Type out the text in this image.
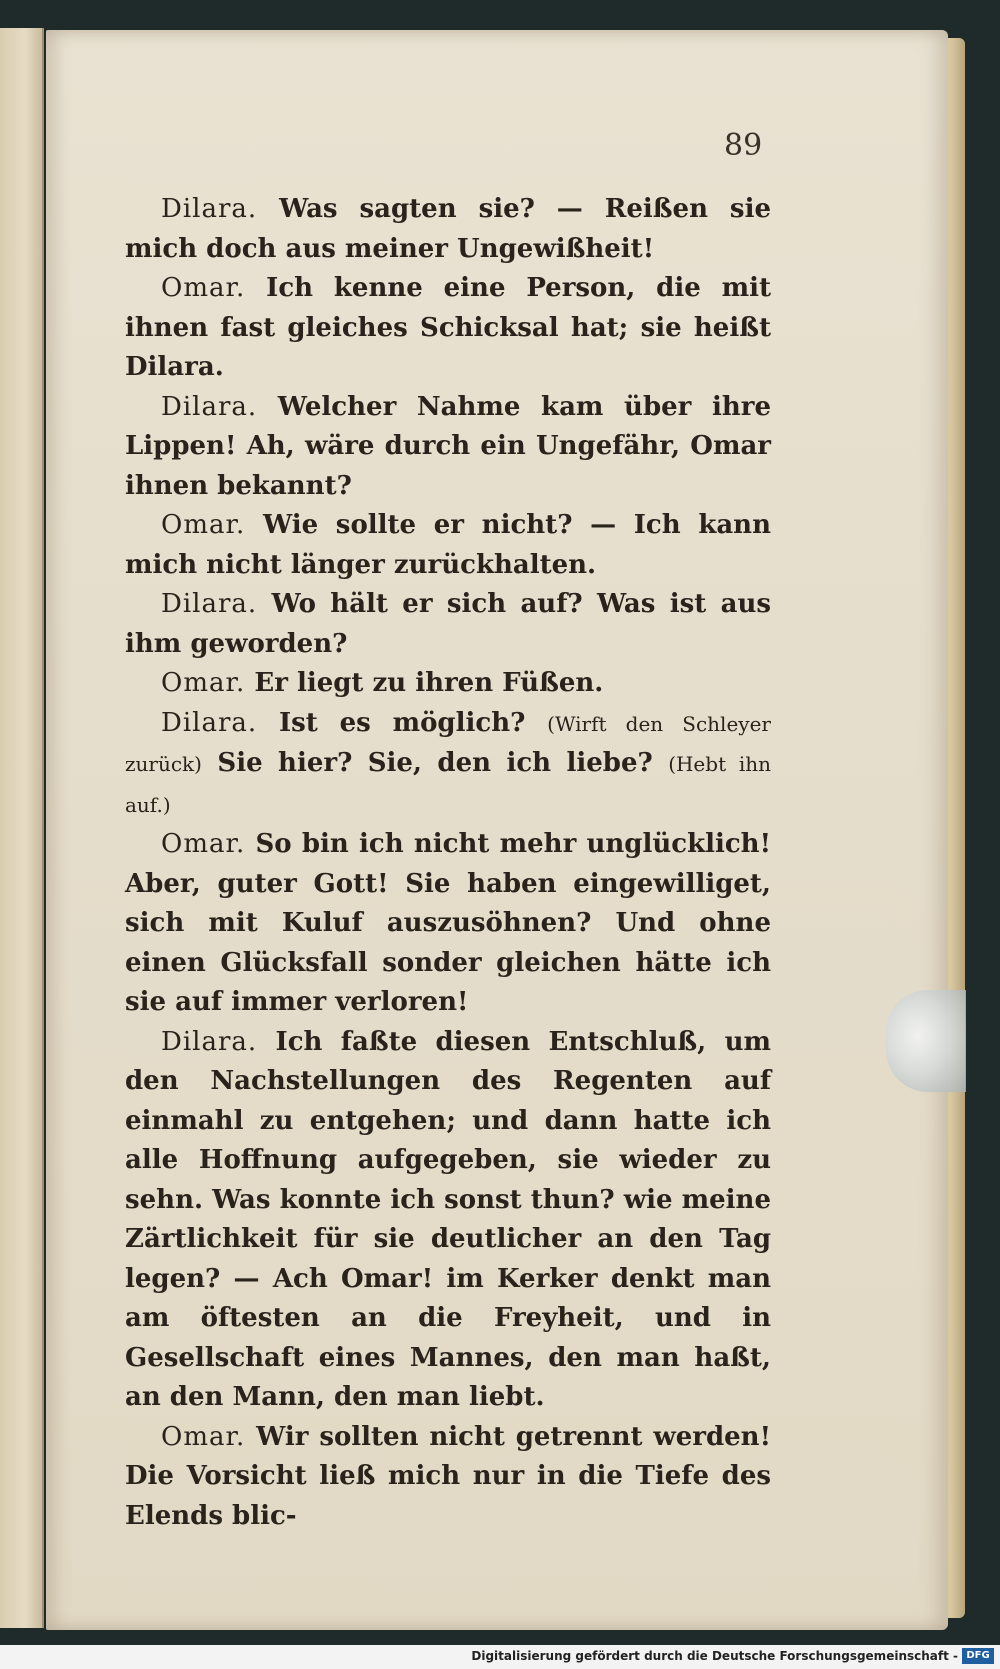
89

Dilara. Was sagten sie? — Reißen sie mich doch aus meiner Ungewißheit!

Omar. Ich kenne eine Person, die mit ihnen fast gleiches Schicksal hat; sie heißt Dilara.

Dilara. Welcher Nahme kam über ihre Lippen! Ah, wäre durch ein Ungefähr, Omar ihnen bekannt?

Omar. Wie sollte er nicht? — Ich kann mich nicht länger zurückhalten.

Dilara. Wo hält er sich auf? Was ist aus ihm geworden?

Omar. Er liegt zu ihren Füßen.

Dilara. Ist es möglich? (Wirft den Schleyer zurück) Sie hier? Sie, den ich liebe? (Hebt ihn auf.)

Omar. So bin ich nicht mehr unglücklich! Aber, guter Gott! Sie haben eingewilliget, sich mit Kuluf auszusöhnen? Und ohne einen Glücksfall sonder gleichen hätte ich sie auf immer verloren!

Dilara. Ich faßte diesen Entschluß, um den Nachstellungen des Regenten auf einmahl zu entgehen; und dann hatte ich alle Hoffnung aufgegeben, sie wieder zu sehn. Was konnte ich sonst thun? wie meine Zärtlichkeit für sie deutlicher an den Tag legen? — Ach Omar! im Kerker denkt man am öftesten an die Freyheit, und in Gesellschaft eines Mannes, den man haßt, an den Mann, den man liebt.

Omar. Wir sollten nicht getrennt werden! Die Vorsicht ließ mich nur in die Tiefe des Elends blic-

Digitalisierung gefördert durch die Deutsche Forschungsgemeinschaft - DFG
